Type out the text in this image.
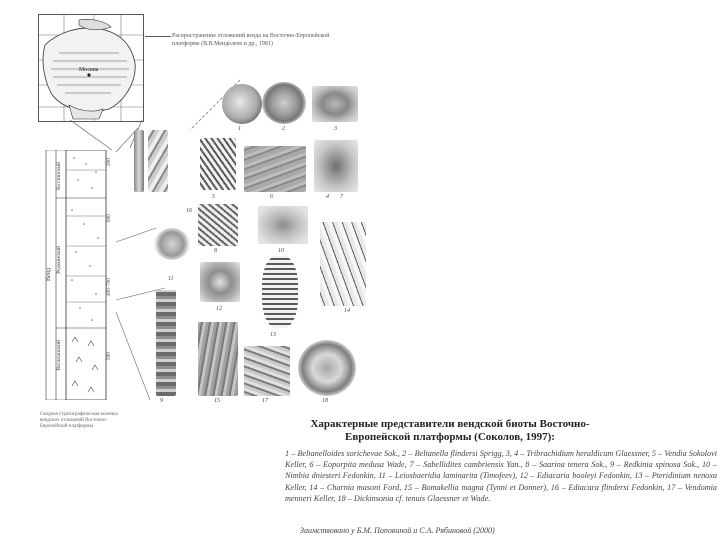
Москва
Распространение отложений венда на Восточно-Европейской платформе (В.В.Менделеев и др., 1981)
Венд
Котлинский
Редкинский
Вильчанский
200
600
400-700
500
Сводная стратиграфическая колонка вендских отложений Восточно-Европейской платформы
1	2	3
4
5	6	7
8
9
10
11
12
13
14
15
16
17	18
Характерные представители вендской биоты Восточно-Европейской платформы (Соколов, 1997):
1 – Beltanelloides sorichevae Sok., 2 – Beltanella flindersi Sprigg, 3, 4 – Tribrachidium heraldicum Glaessner, 5 – Vendia Sokolovi Keller, 6 – Eoporpita medusa Wade, 7 – Sabellidites cambriensis Yan., 8 – Saarina tenera Sok., 9 – Redkinia spinosa Sok., 10 – Nimbia dniesteri Fedonkin, 11 – Leioshaeridia laminarita (Timofeev), 12 – Ediacaria booleyi Fedonkin, 13 – Pteridinium nenoxa Keller, 14 – Charnia masoni Ford, 15 – Bomakellia magna (Tynni et Donner), 16 – Ediacara flindersi Fedonkin, 17 – Vendomia menneri Keller, 18 – Dickinsonia cf. tenuis Glaessner et Wade.
Заимствовано у Б.М. Поповиной и С.А. Рябиновой (2000)
